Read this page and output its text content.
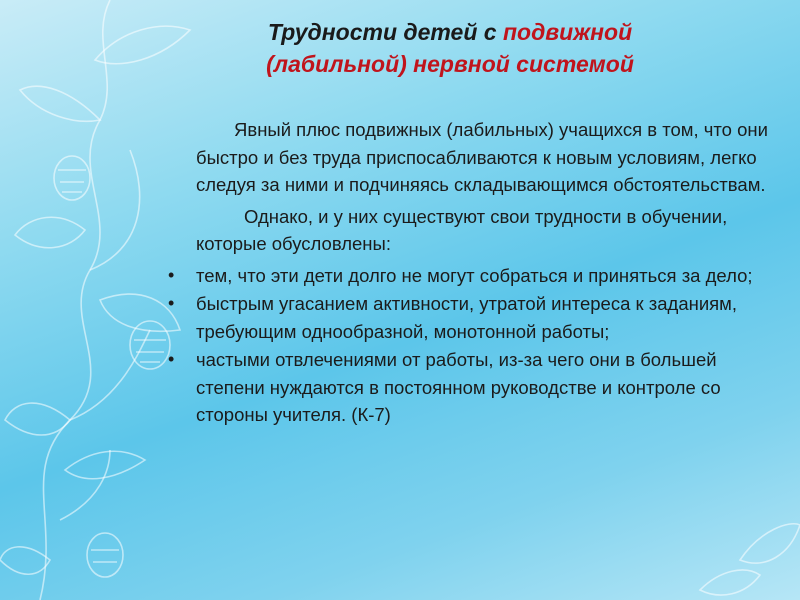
Трудности детей с подвижной
(лабильной) нервной системой

Явный плюс подвижных (лабильных) учащихся в том, что они быстро и без труда приспосабливаются к новым условиям, легко следуя за ними и подчиняясь складывающимся обстоятельствам.

Однако, и у них существуют свои трудности в обучении, которые обусловлены:

• тем, что эти дети долго не могут собраться и приняться за дело;
• быстрым угасанием активности, утратой интереса к заданиям, требующим однообразной, монотонной работы;
• частыми отвлечениями от работы, из-за чего они в большей степени нуждаются в постоянном руководстве и контроле со стороны учителя. (К-7)
